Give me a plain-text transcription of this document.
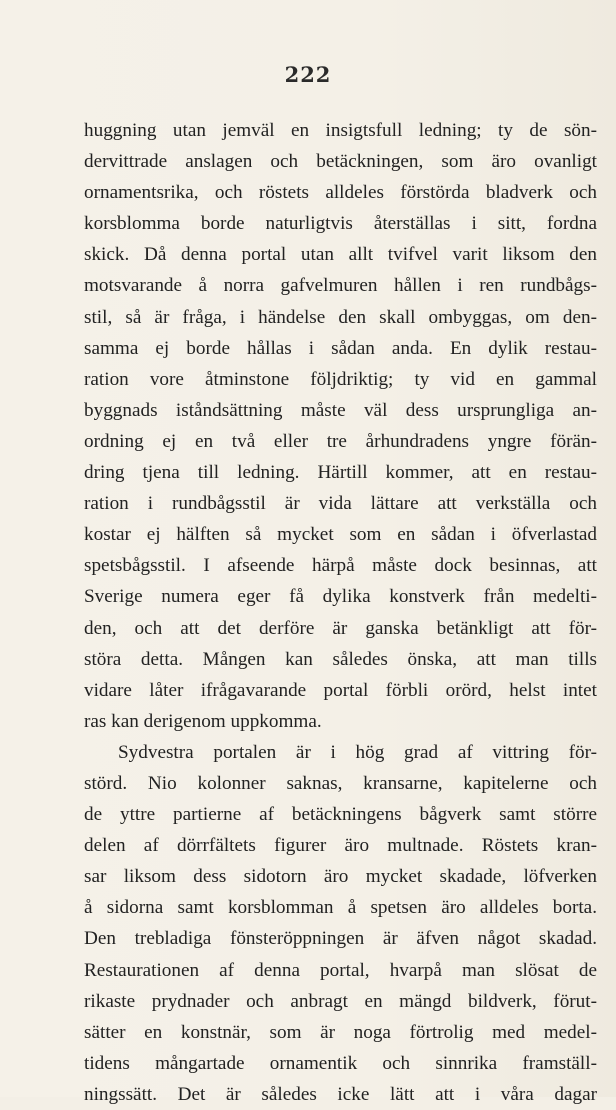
222
huggning utan jemväl en insigtsfull ledning; ty de sön-
dervittrade anslagen och betäckningen, som äro ovanligt
ornamentsrika, och röstets alldeles förstörda bladverk och
korsblomma borde naturligtvis återställas i sitt, fordna
skick. Då denna portal utan allt tvifvel varit liksom den
motsvarande å norra gafvelmuren hållen i ren rundbågs-
stil, så är fråga, i händelse den skall ombyggas, om den-
samma ej borde hållas i sådan anda. En dylik restau-
ration vore åtminstone följdriktig; ty vid en gammal
byggnads iståndsättning måste väl dess ursprungliga an-
ordning ej en två eller tre århundradens yngre förän-
dring tjena till ledning. Härtill kommer, att en restau-
ration i rundbågsstil är vida lättare att verkställa och
kostar ej hälften så mycket som en sådan i öfverlastad
spetsbågsstil. I afseende härpå måste dock besinnas, att
Sverige numera eger få dylika konstverk från medelti-
den, och att det derföre är ganska betänkligt att för-
störa detta. Mången kan således önska, att man tills
vidare låter ifrågavarande portal förbli orörd, helst intet
ras kan derigenom uppkomma.
Sydvestra portalen är i hög grad af vittring för-
störd. Nio kolonner saknas, kransarne, kapitelerne och
de yttre partierne af betäckningens bågverk samt större
delen af dörrfältets figurer äro multnade. Röstets kran-
sar liksom dess sidotorn äro mycket skadade, löfverken
å sidorna samt korsblomman å spetsen äro alldeles borta.
Den trebladiga fönsteröppningen är äfven något skadad.
Restaurationen af denna portal, hvarpå man slösat de
rikaste prydnader och anbragt en mängd bildverk, förut-
sätter en konstnär, som är noga förtrolig med medel-
tidens mångartade ornamentik och sinnrika framställ-
ningssätt. Det är således icke lätt att i våra dagar
